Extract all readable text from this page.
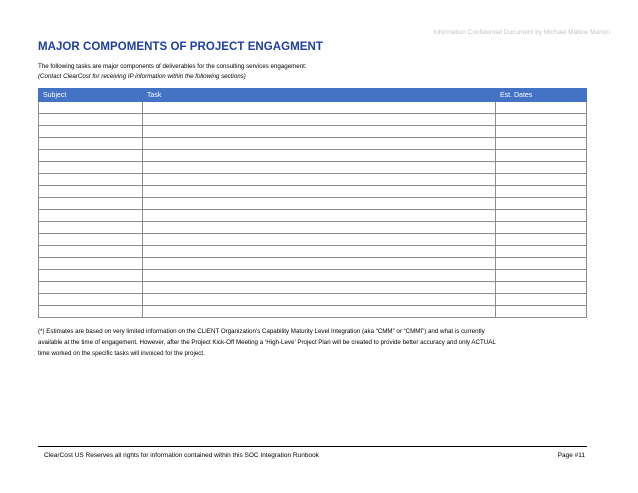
Information Confidential Document by Michael Mallow Mahon
MAJOR COMPOMENTS OF PROJECT ENGAGMENT
The following tasks are major components of deliverables for the consulting services engagement:
(Contact ClearCost for receiving IP information within the following sections)
Subject	Task	Est. Dates

(*) Estimates are based on very limited information on the CLIENT Organization's Capability Maturity Level Integration (aka “CMM” or “CMMI”) and what is currently
available at the time of engagement. However, after the Project Kick-Off Meeting a ‘High-Leve’ Project Plan will be created to provide better accuracy and only ACTUAL
time worked on the specific tasks will invoiced for the project.
ClearCost US Reserves all rights for information contained within this SOC Integration Runbook	Page #11
